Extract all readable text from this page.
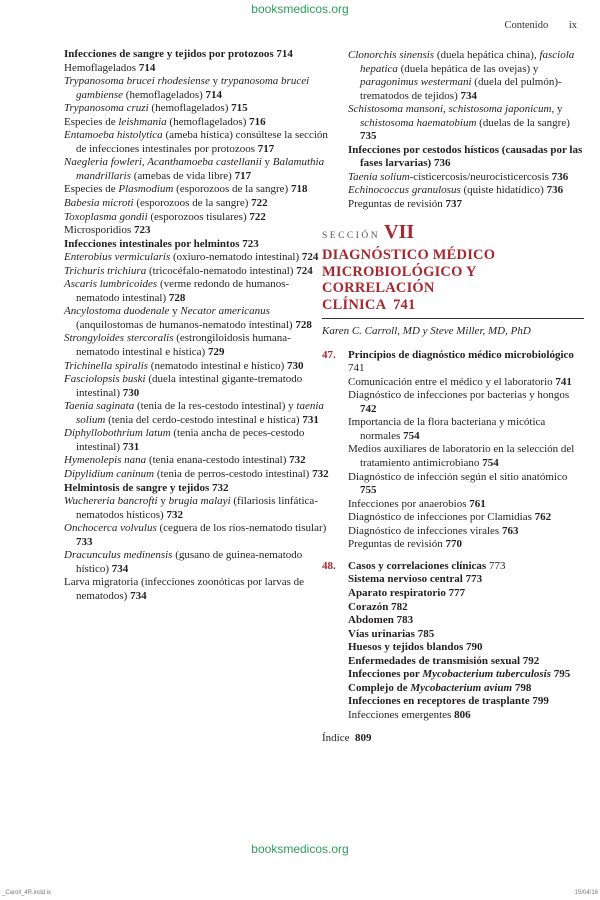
booksmedicos.org
Contenido ix

Infecciones de sangre y tejidos por protozoos 714

Hemoflagelados 714

Trypanosoma brucei rhodesiense y trypanosoma brucei gambiense (hemoflagelados) 714

Trypanosoma cruzi (hemoflagelados) 715

Especies de leishmania (hemoflagelados) 716

Entamoeba histolytica (ameba hística) consúltese la sección de infecciones intestinales por protozoos 717

Naegleria fowleri, Acanthamoeba castellanii y Balamuthia mandrillaris (amebas de vida libre) 717

Especies de Plasmodium (esporozoos de la sangre) 718

Babesia microti (esporozoos de la sangre) 722

Toxoplasma gondii (esporozoos tisulares) 722

Microsporidios 723

Infecciones intestinales por helmintos 723

Enterobius vermicularis (oxiuro-nematodo intestinal) 724

Trichuris trichiura (tricocéfalo-nematodo intestinal) 724

Ascaris lumbricoides (verme redondo de humanos-nematodo intestinal) 728

Ancylostoma duodenale y Necator americanus (anquilostomas de humanos-nematodo intestinal) 728

Strongyloides stercoralis (estrongiloidosis humana-nematodo intestinal e hística) 729

Trichinella spiralis (nematodo intestinal e hístico) 730

Fasciolopsis buski (duela intestinal gigante-trematodo intestinal) 730

Taenia saginata (tenia de la res-cestodo intestinal) y taenia solium (tenia del cerdo-cestodo intestinal e hística) 731

Diphyllobothrium latum (tenia ancha de peces-cestodo intestinal) 731

Hymenolepis nana (tenia enana-cestodo intestinal) 732

Dipylidium caninum (tenia de perros-cestodo intestinal) 732

Helmintosis de sangre y tejidos 732

Wuchereria bancrofti y brugia malayi (filariosis linfática-nematodos hísticos) 732

Onchocerca volvulus (ceguera de los ríos-nematodo tisular) 733

Dracunculus medinensis (gusano de guinea-nematodo hístico) 734

Larva migratoria (infecciones zoonóticas por larvas de nematodos) 734

Clonorchis sinensis (duela hepática china), fasciola hepatica (duela hepática de las ovejas) y paragonimus westermani (duela del pulmón)-trematodos de tejidos) 734

Schistosoma mansoni, schistosoma japonicum, y schistosoma haematobium (duelas de la sangre) 735

Infecciones por cestodos hísticos (causadas por las fases larvarias) 736

Taenia solium-cisticercosis/neurocisticercosis 736

Echinococcus granulosus (quiste hidatídico) 736

Preguntas de revisión 737

SECCIÓN VII
DIAGNÓSTICO MÉDICO
MICROBIOLÓGICO Y CORRELACIÓN
CLÍNICA 741
Karen C. Carroll, MD y Steve Miller, MD, PhD
47.	Principios de diagnóstico médico microbiológico 741

Comunicación entre el médico y el laboratorio 741

Diagnóstico de infecciones por bacterias y hongos 742

Importancia de la flora bacteriana y micótica normales 754

Medios auxiliares de laboratorio en la selección del tratamiento antimicrobiano 754

Diagnóstico de infección según el sitio anatómico 755

Infecciones por anaerobios 761

Diagnóstico de infecciones por Clamidias 762

Diagnóstico de infecciones virales 763

Preguntas de revisión 770

48.	Casos y correlaciones clínicas 773

Sistema nervioso central 773

Aparato respiratorio 777

Corazón 782

Abdomen 783

Vías urinarias 785

Huesos y tejidos blandos 790

Enfermedades de transmisión sexual 792

Infecciones por Mycobacterium tuberculosis 795

Complejo de Mycobacterium avium 798

Infecciones en receptores de trasplante 799

Infecciones emergentes 806

Índice 809
booksmedicos.org
_Caroll_4R.indd ix	15/04/16
